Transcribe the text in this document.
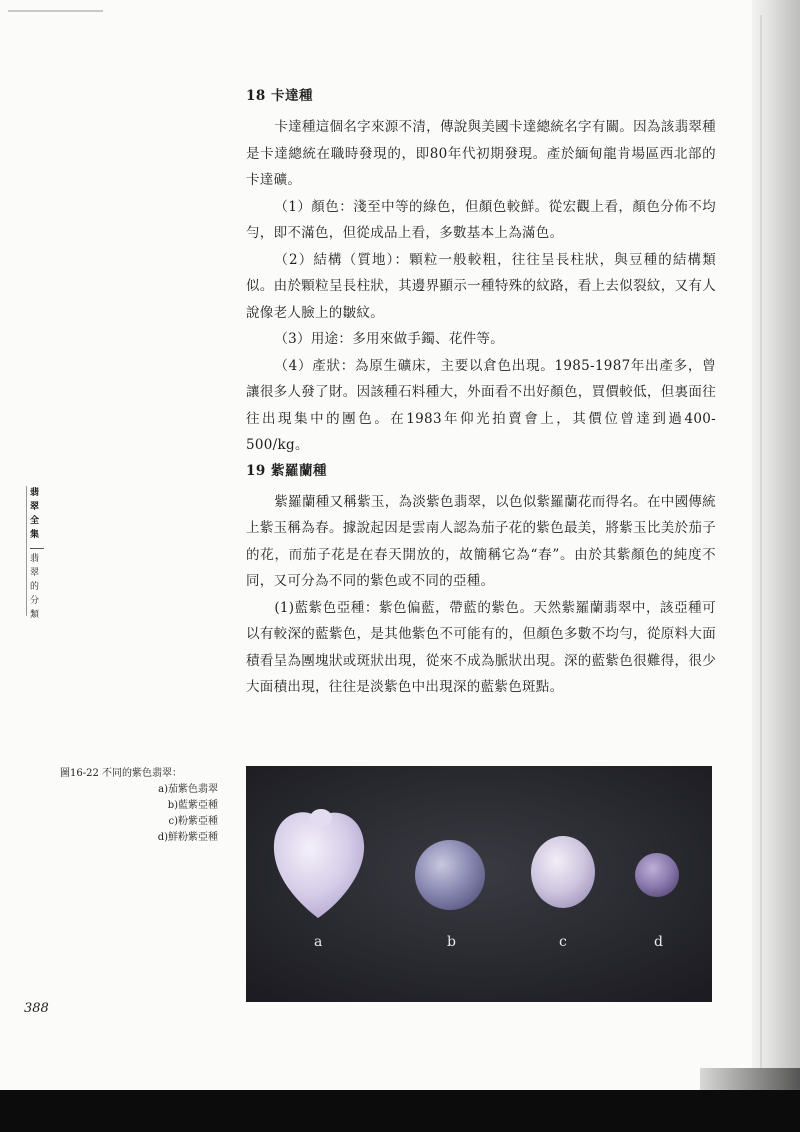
18 卡達種

卡達種這個名字來源不清，傳說與美國卡達總統名字有關。因為該翡翠種是卡達總統在職時發現的，即80年代初期發現。產於緬甸龍肯場區西北部的卡達礦。

（1）顏色：淺至中等的綠色，但顏色較鮮。從宏觀上看，顏色分佈不均勻，即不滿色，但從成品上看，多數基本上為滿色。

（2）結構（質地）：顆粒一般較粗，往往呈長柱狀，與豆種的結構類似。由於顆粒呈長柱狀，其邊界顯示一種特殊的紋路，看上去似裂紋，又有人說像老人臉上的皺紋。

（3）用途：多用來做手鐲、花件等。

（4）產狀：為原生礦床，主要以倉色出現。1985-1987年出產多，曾讓很多人發了財。因該種石料種大，外面看不出好顏色，買價較低，但裏面往往出現集中的團色。在1983年仰光拍賣會上，其價位曾達到過400-500/kg。

19 紫羅蘭種

紫羅蘭種又稱紫玉，為淡紫色翡翠，以色似紫羅蘭花而得名。在中國傳統上紫玉稱為春。據說起因是雲南人認為茄子花的紫色最美，將紫玉比美於茄子的花，而茄子花是在春天開放的，故簡稱它為“春”。由於其紫顏色的純度不同，又可分為不同的紫色或不同的亞種。

(1)藍紫色亞種：紫色偏藍，帶藍的紫色。天然紫羅蘭翡翠中，該亞種可以有較深的藍紫色，是其他紫色不可能有的，但顏色多數不均勻，從原料大面積看呈為團塊狀或斑狀出現，從來不成為脈狀出現。深的藍紫色很難得，很少大面積出現，往往是淡紫色中出現深的藍紫色斑點。

翡翠全集
翡翠的分類
圖16-22 不同的紫色翡翠：
a)茄紫色翡翠
b)藍紫亞種
c)粉紫亞種
d)鮮粉紫亞種
a	b	c	d
388
